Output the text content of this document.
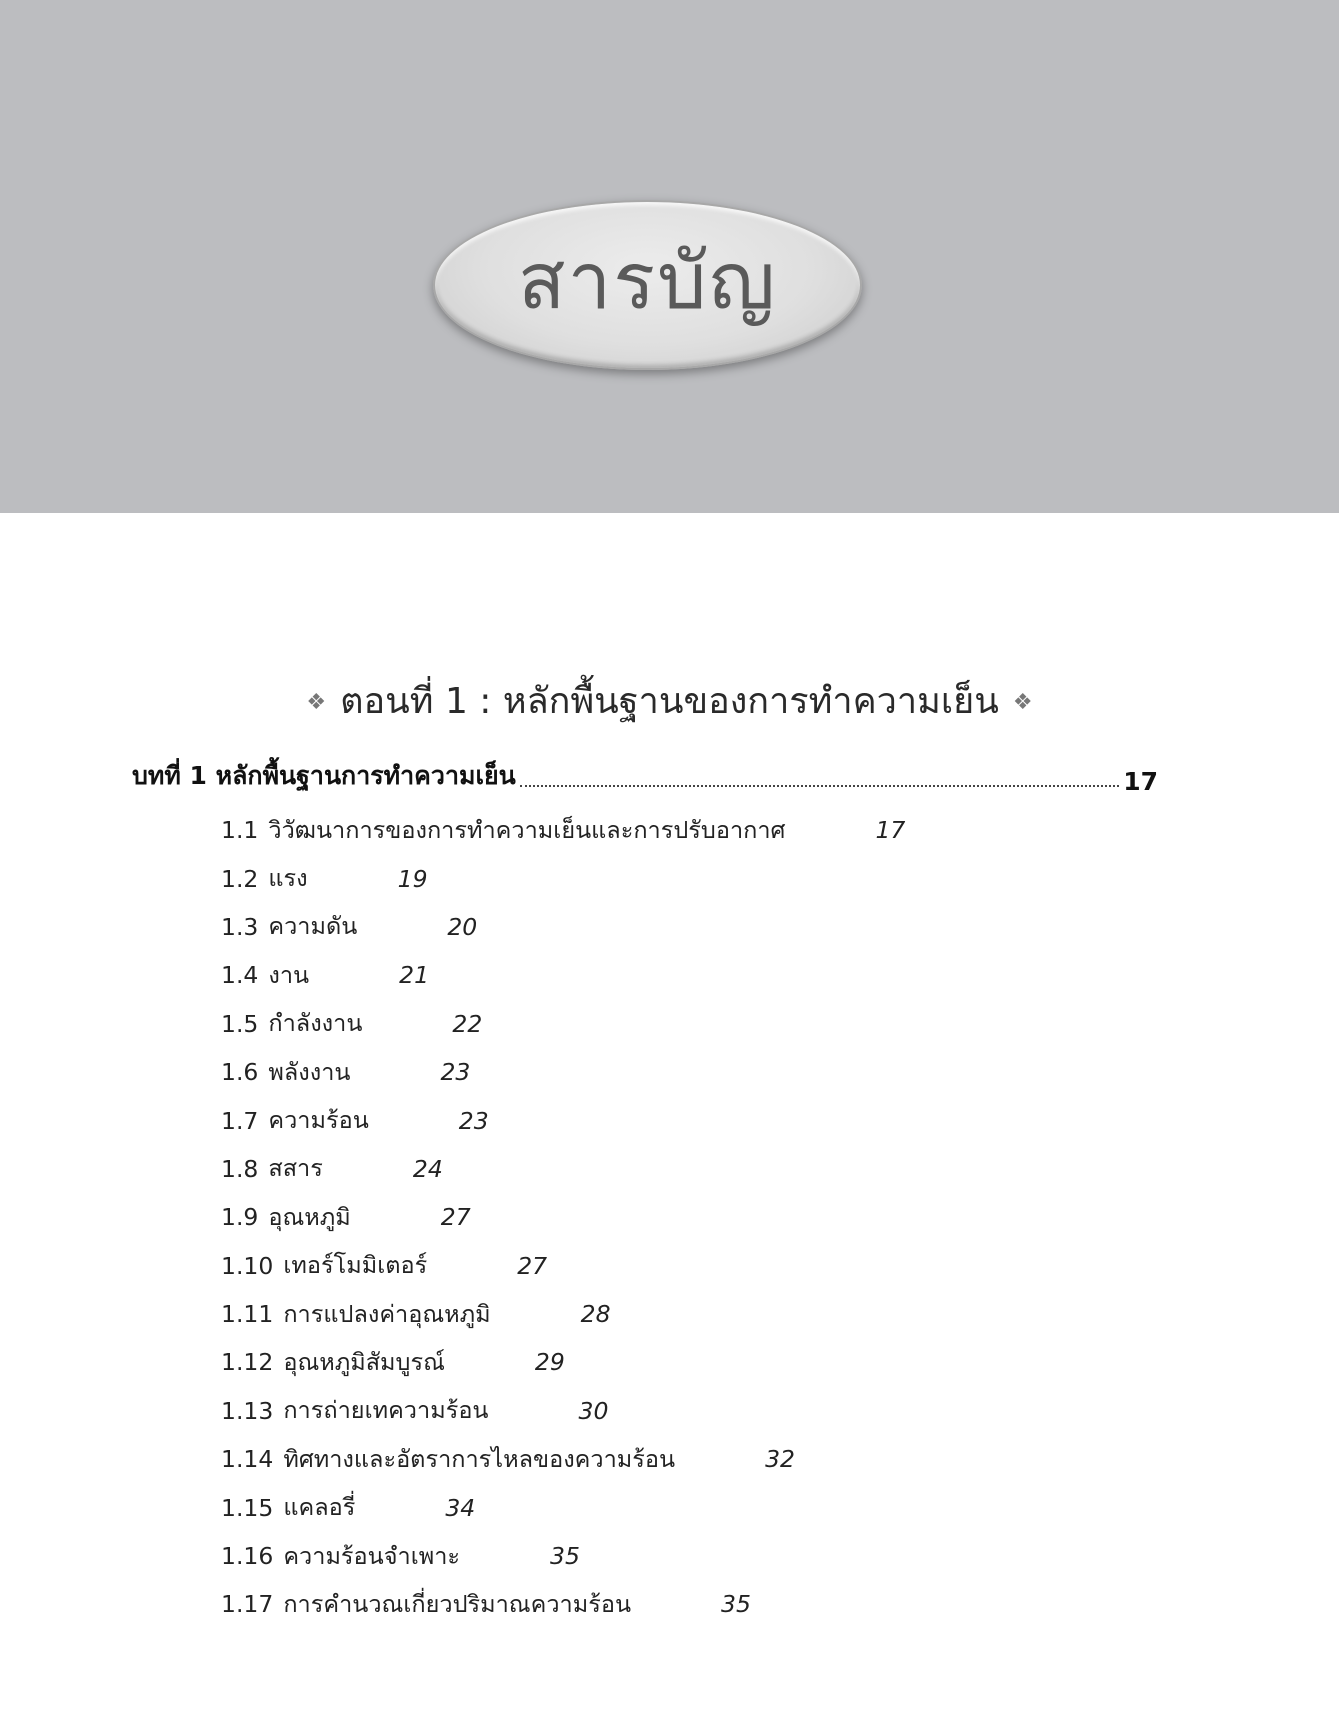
สารบัญ
❖ ตอนที่ 1 : หลักพื้นฐานของการทำความเย็น ❖
บทที่ 1 หลักพื้นฐานการทำความเย็น	17
1.1 วิวัฒนาการของการทำความเย็นและการปรับอากาศ	17
1.2 แรง	19
1.3 ความดัน	20
1.4 งาน	21
1.5 กำลังงาน	22
1.6 พลังงาน	23
1.7 ความร้อน	23
1.8 สสาร	24
1.9 อุณหภูมิ	27
1.10 เทอร์โมมิเตอร์	27
1.11 การแปลงค่าอุณหภูมิ	28
1.12 อุณหภูมิสัมบูรณ์	29
1.13 การถ่ายเทความร้อน	30
1.14 ทิศทางและอัตราการไหลของความร้อน	32
1.15 แคลอรี่	34
1.16 ความร้อนจำเพาะ	35
1.17 การคำนวณเกี่ยวปริมาณความร้อน	35
